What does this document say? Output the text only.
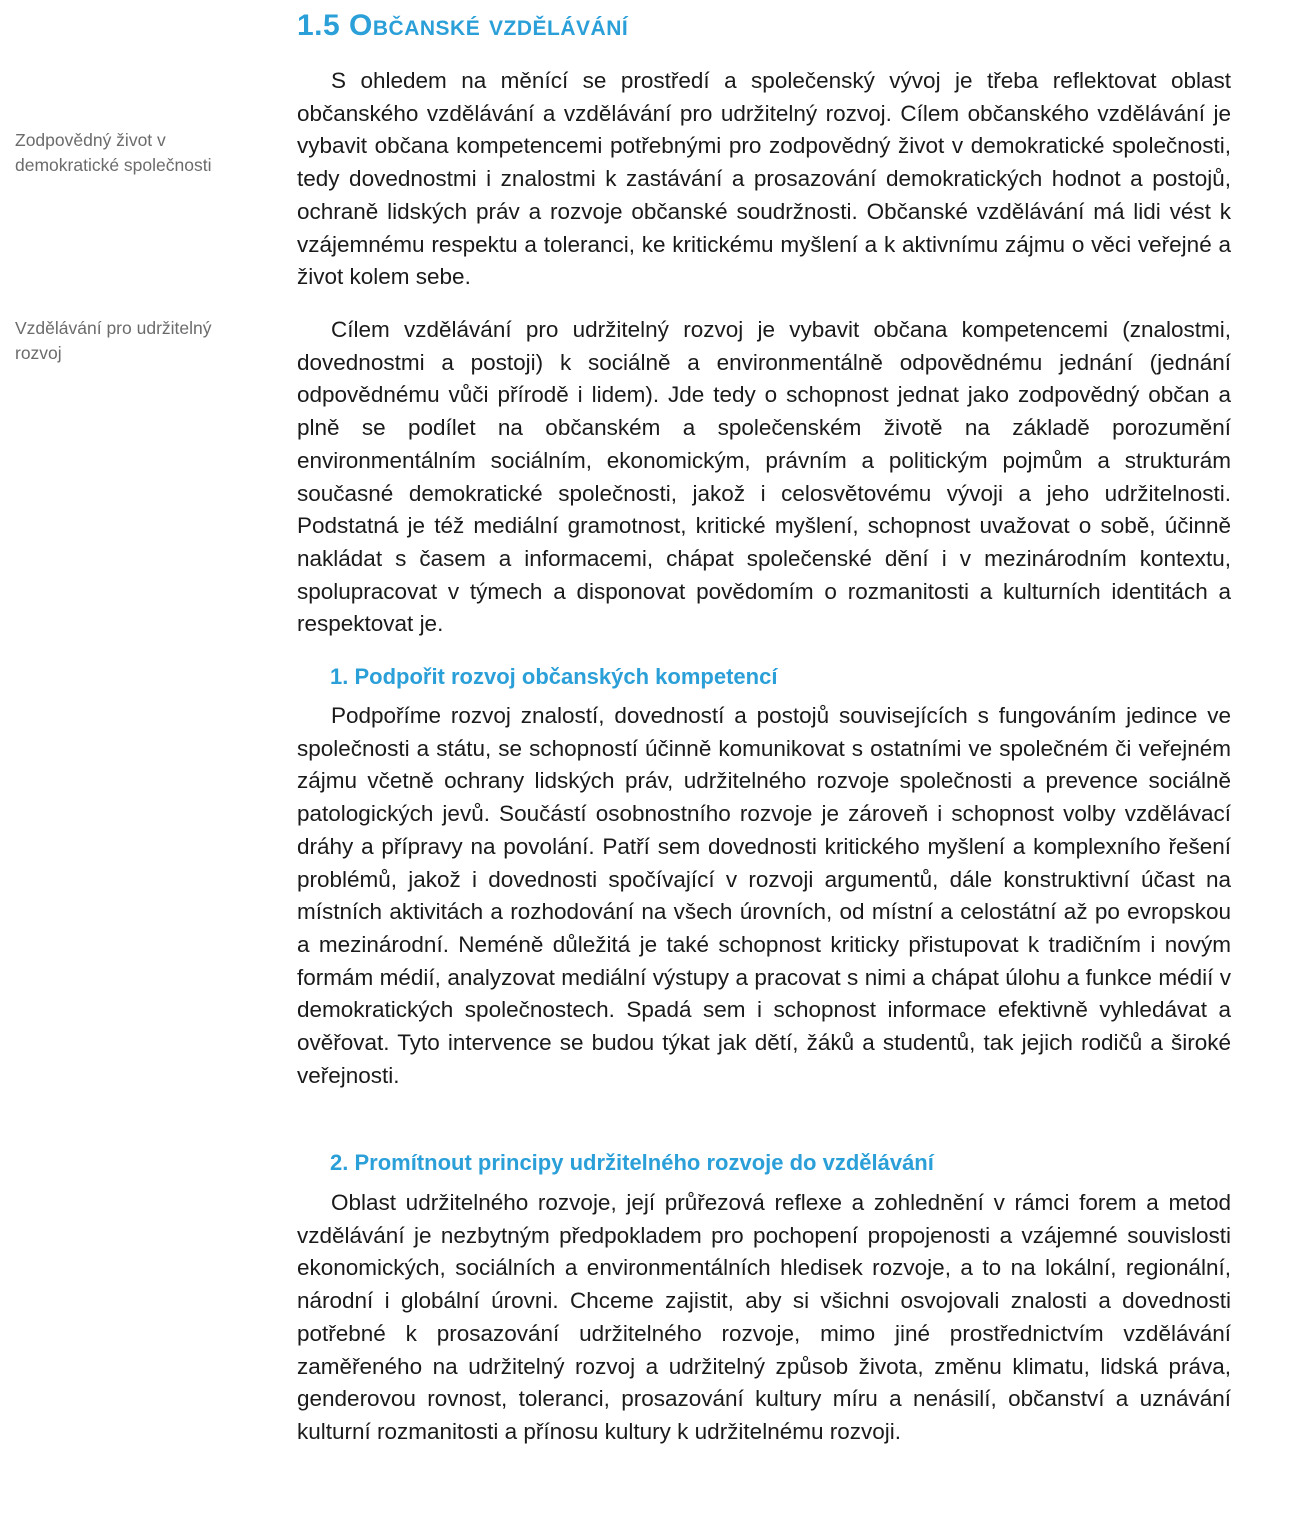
1.5 Občanské vzdělávání

Zodpovědný život v demokratické společnosti

Vzdělávání pro udržitelný rozvoj

S ohledem na měnící se prostředí a společenský vývoj je třeba reflektovat oblast občanského vzdělávání a vzdělávání pro udržitelný rozvoj. Cílem občanského vzdělávání je vybavit občana kompetencemi potřebnými pro zodpovědný život v demokratické společnosti, tedy dovednostmi i znalostmi k zastávání a prosazování demokratických hodnot a postojů, ochraně lidských práv a rozvoje občanské soudržnosti. Občanské vzdělávání má lidi vést k vzájemnému respektu a toleranci, ke kritickému myšlení a k aktivnímu zájmu o věci veřejné a život kolem sebe.

Cílem vzdělávání pro udržitelný rozvoj je vybavit občana kompetencemi (znalostmi, dovednostmi a postoji) k sociálně a environmentálně odpovědnému jednání (jednání odpovědnému vůči přírodě i lidem). Jde tedy o schopnost jednat jako zodpovědný občan a plně se podílet na občanském a společenském životě na základě porozumění environmentálním sociálním, ekonomickým, právním a politickým pojmům a strukturám současné demokratické společnosti, jakož i celosvětovému vývoji a jeho udržitelnosti. Podstatná je též mediální gramotnost, kritické myšlení, schopnost uvažovat o sobě, účinně nakládat s časem a informacemi, chápat společenské dění i v mezinárodním kontextu, spolupracovat v týmech a disponovat povědomím o rozmanitosti a kulturních identitách a respektovat je.

1. Podpořit rozvoj občanských kompetencí

Podpoříme rozvoj znalostí, dovedností a postojů souvisejících s fungováním jedince ve společnosti a státu, se schopností účinně komunikovat s ostatními ve společném či veřejném zájmu včetně ochrany lidských práv, udržitelného rozvoje společnosti a prevence sociálně patologických jevů. Součástí osobnostního rozvoje je zároveň i schopnost volby vzdělávací dráhy a přípravy na povolání. Patří sem dovednosti kritického myšlení a komplexního řešení problémů, jakož i dovednosti spočívající v rozvoji argumentů, dále konstruktivní účast na místních aktivitách a rozhodování na všech úrovních, od místní a celostátní až po evropskou a mezinárodní. Neméně důležitá je také schopnost kriticky přistupovat k tradičním i novým formám médií, analyzovat mediální výstupy a pracovat s nimi a chápat úlohu a funkce médií v demokratických společnostech. Spadá sem i schopnost informace efektivně vyhledávat a ověřovat. Tyto intervence se budou týkat jak dětí, žáků a studentů, tak jejich rodičů a široké veřejnosti.

2. Promítnout principy udržitelného rozvoje do vzdělávání

Oblast udržitelného rozvoje, její průřezová reflexe a zohlednění v rámci forem a metod vzdělávání je nezbytným předpokladem pro pochopení propojenosti a vzájemné souvislosti ekonomických, sociálních a environmentálních hledisek rozvoje, a to na lokální, regionální, národní i globální úrovni. Chceme zajistit, aby si všichni osvojovali znalosti a dovednosti potřebné k prosazování udržitelného rozvoje, mimo jiné prostřednictvím vzdělávání zaměřeného na udržitelný rozvoj a udržitelný způsob života, změnu klimatu, lidská práva, genderovou rovnost, toleranci, prosazování kultury míru a nenásilí, občanství a uznávání kulturní rozmanitosti a přínosu kultury k udržitelnému rozvoji.
